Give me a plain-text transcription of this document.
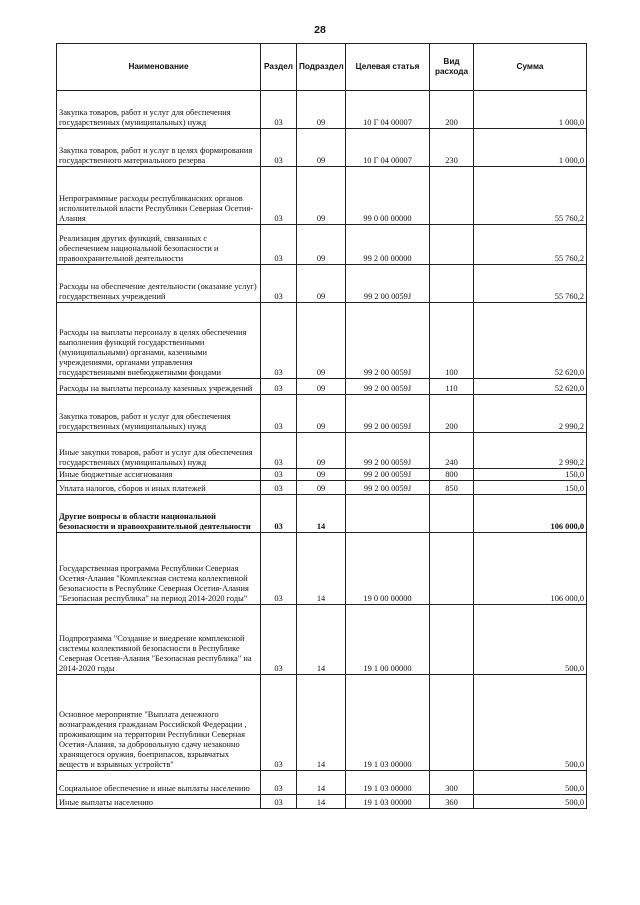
28
Наименование	Раздел	Подраздел	Целевая статья	Вид расхода	Сумма
Закупка товаров, работ и услуг для обеспечения государственных (муниципальных) нужд	03	09	10 Г 04 00007	200	1 000,0
Закупка товаров, работ и услуг в целях формирования государственного материального резерва	03	09	10 Г 04 00007	230	1 000,0
Непрограммные расходы республиканских органов исполнительной власти Республики Северная Осетия-Алания	03	09	99 0 00 00000		55 760,2
Реализация других функций, связанных с обеспечением национальной безопасности и правоохранительной деятельности	03	09	99 2 00 00000		55 760,2
Расходы на обеспечение деятельности (оказание услуг) государственных учреждений	03	09	99 2 00 0059J		55 760,2
Расходы на выплаты персоналу в целях обеспечения выполнения функций государственными (муниципальными) органами, казенными учреждениями, органами управления государственными внебюджетными фондами	03	09	99 2 00 0059J	100	52 620,0
Расходы на выплаты персоналу казенных учреждений	03	09	99 2 00 0059J	110	52 620,0
Закупка товаров, работ и услуг для обеспечения государственных (муниципальных) нужд	03	09	99 2 00 0059J	200	2 990,2
Иные закупки товаров, работ и услуг для обеспечения государственных (муниципальных) нужд	03	09	99 2 00 0059J	240	2 990,2
Иные бюджетные ассигнования	03	09	99 2 00 0059J	800	150,0
Уплата налогов, сборов и иных платежей	03	09	99 2 00 0059J	850	150,0
Другие вопросы в области национальной безопасности и правоохранительной деятельности	03	14			106 000,0
Государственная программа Республики Северная Осетия-Алания "Комплексная система коллективной безопасности в Республике Северная Осетия-Алания "Безопасная республика" на период 2014-2020 годы"	03	14	19 0 00 00000		106 000,0
Подпрограмма "Создание и внедрение комплексной системы коллективной безопасности в Республике Северная Осетия-Алания "Безопасная республика" на 2014-2020 годы	03	14	19 1 00 00000		500,0
Основное мероприятие "Выплата денежного вознаграждения гражданам Российской Федерации , проживающим на территории Республики Северная Осетия-Алания, за добровольную сдачу незаконно хранящегося оружия, боеприпасов, взрывчатых веществ и взрывных устройств"	03	14	19 1 03 00000		500,0
Социальное обеспечение и иные выплаты населению	03	14	19 1 03 00000	300	500,0
Иные выплаты населению	03	14	19 1 03 00000	360	500,0
